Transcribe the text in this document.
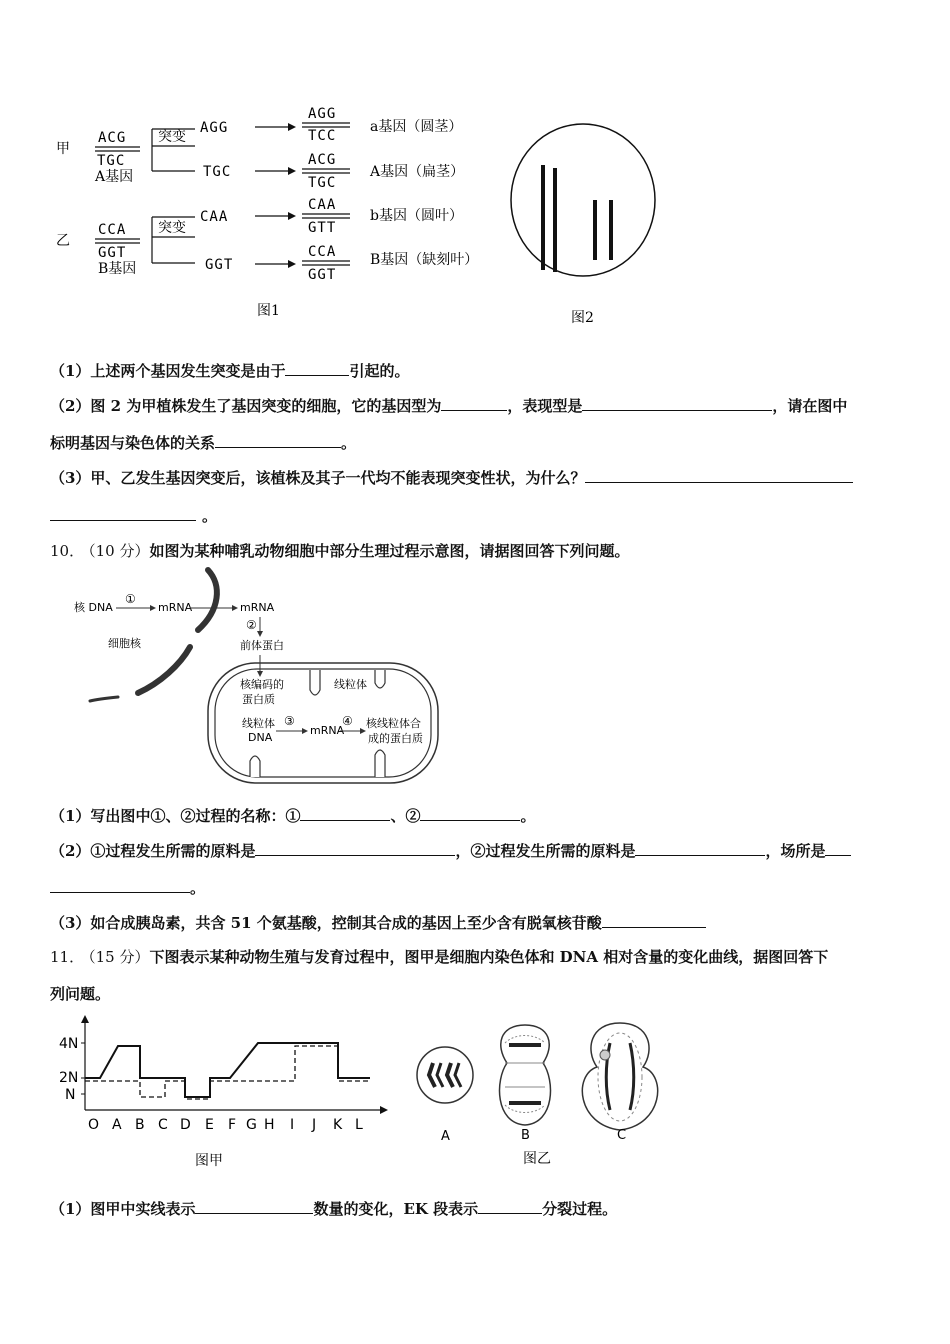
甲
乙
ACG
TGC
A基因
突变
AGG
AGG
TCC
a基因（圆茎）
TGC
ACG
TGC
A基因（扁茎）
CCA
GGT
B基因
突变
CAA
CAA
GTT
b基因（圆叶）
GGT
CCA
GGT
B基因（缺刻叶）
图1	图2
（1）上述两个基因发生突变是由于	引起的。
（2）图 2 为甲植株发生了基因突变的细胞，它的基因型为	，表现型是	，请在图中
标明基因与染色体的关系	。
（3）甲、乙发生基因突变后，该植株及其子一代均不能表现突变性状，为什么？
。
10． （10 分）如图为某种哺乳动物细胞中部分生理过程示意图，请据图回答下列问题。
核 DNA
①
mRNA	mRNA
细胞核
②
前体蛋白
核编码的
蛋白质
线粒体
线粒体
DNA
③
mRNA
④ 核线粒体合
成的蛋白质
（1）写出图中①、②过程的名称：①	、②	。
（2）①过程发生所需的原料是	，②过程发生所需的原料是	，场所是
。
（3）如合成胰岛素，共含 51 个氨基酸，控制其合成的基因上至少含有脱氧核苷酸
11． （15 分）下图表示某种动物生殖与发育过程中，图甲是细胞内染色体和 DNA 相对含量的变化曲线，据图回答下
列问题。
4N
2N
N
O A B C D E F G H I J K L
图甲
A	B	C
图乙
（1）图甲中实线表示	数量的变化，EK 段表示	分裂过程。
